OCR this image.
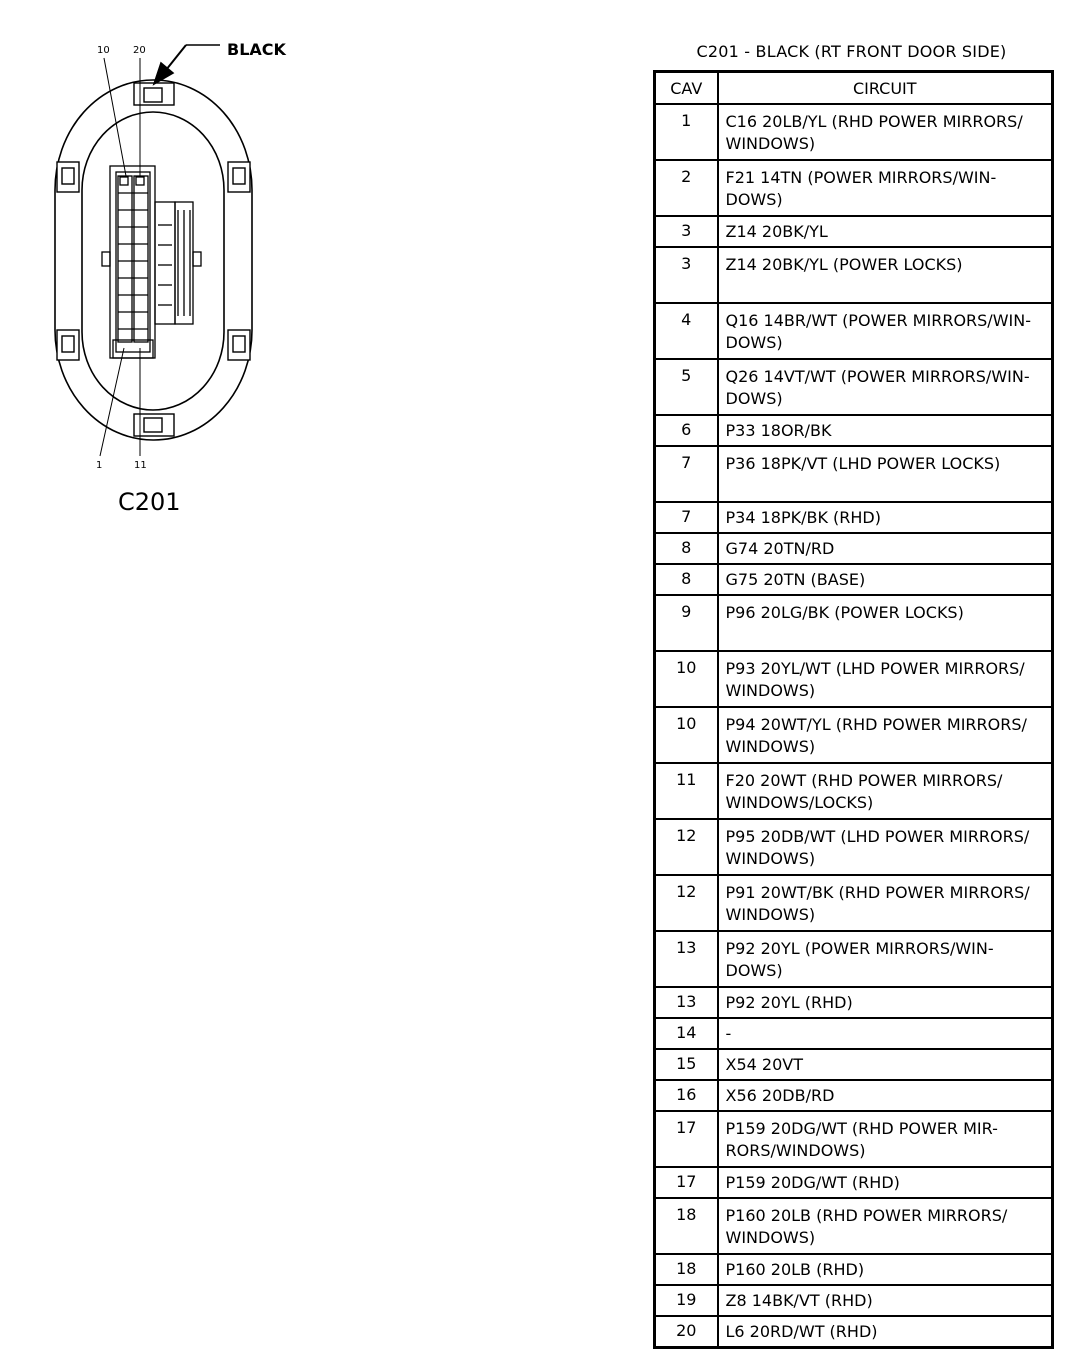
10 20
1	11
BLACK
C201
C201 - BLACK (RT FRONT DOOR SIDE)
CAV	CIRCUIT
1	C16 20LB/YL (RHD POWER MIRRORS/ WINDOWS)
2	F21 14TN (POWER MIRRORS/WIN- DOWS)
3	Z14 20BK/YL
3	Z14 20BK/YL (POWER LOCKS)
4	Q16 14BR/WT (POWER MIRRORS/WIN- DOWS)
5	Q26 14VT/WT (POWER MIRRORS/WIN- DOWS)
6	P33 18OR/BK
7	P36 18PK/VT (LHD POWER LOCKS)
7	P34 18PK/BK (RHD)
8	G74 20TN/RD
8	G75 20TN (BASE)
9	P96 20LG/BK (POWER LOCKS)
10	P93 20YL/WT (LHD POWER MIRRORS/ WINDOWS)
10	P94 20WT/YL (RHD POWER MIRRORS/ WINDOWS)
11	F20 20WT (RHD POWER MIRRORS/ WINDOWS/LOCKS)
12	P95 20DB/WT (LHD POWER MIRRORS/ WINDOWS)
12	P91 20WT/BK (RHD POWER MIRRORS/ WINDOWS)
13	P92 20YL (POWER MIRRORS/WIN- DOWS)
13	P92 20YL (RHD)
14	-
15	X54 20VT
16	X56 20DB/RD
17	P159 20DG/WT (RHD POWER MIR- RORS/WINDOWS)
17	P159 20DG/WT (RHD)
18	P160 20LB (RHD POWER MIRRORS/ WINDOWS)
18	P160 20LB (RHD)
19	Z8 14BK/VT (RHD)
20	L6 20RD/WT (RHD)
